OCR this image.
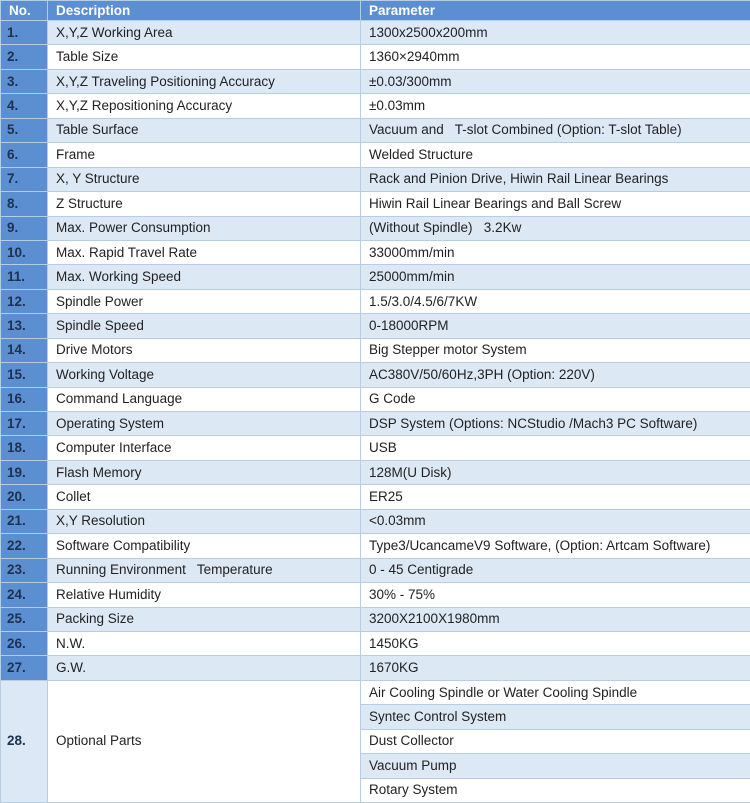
No.	Description	Parameter
1.	X,Y,Z Working Area	1300x2500x200mm
2.	Table Size	1360×2940mm
3.	X,Y,Z Traveling Positioning Accuracy	±0.03/300mm
4.	X,Y,Z Repositioning Accuracy	±0.03mm
5.	Table Surface	Vacuum and   T-slot Combined (Option: T-slot Table)
6.	Frame	Welded Structure
7.	X, Y Structure	Rack and Pinion Drive, Hiwin Rail Linear Bearings
8.	Z Structure	Hiwin Rail Linear Bearings and Ball Screw
9.	Max. Power Consumption	(Without Spindle)   3.2Kw
10.	Max. Rapid Travel Rate	33000mm/min
11.	Max. Working Speed	25000mm/min
12.	Spindle Power	1.5/3.0/4.5/6/7KW
13.	Spindle Speed	0-18000RPM
14.	Drive Motors	Big Stepper motor System
15.	Working Voltage	AC380V/50/60Hz,3PH (Option: 220V)
16.	Command Language	G Code
17.	Operating System	DSP System (Options: NCStudio /Mach3 PC Software)
18.	Computer Interface	USB
19.	Flash Memory	128M(U Disk)
20.	Collet	ER25
21.	X,Y Resolution	<0.03mm
22.	Software Compatibility	Type3/UcancameV9 Software, (Option: Artcam Software)
23.	Running Environment   Temperature	0 - 45 Centigrade
24.	Relative Humidity	30% - 75%
25.	Packing Size	3200X2100X1980mm
26.	N.W.	1450KG
27.	G.W.	1670KG
28.	Optional Parts	Air Cooling Spindle or Water Cooling Spindle
		Syntec Control System
		Dust Collector
		Vacuum Pump
		Rotary System
